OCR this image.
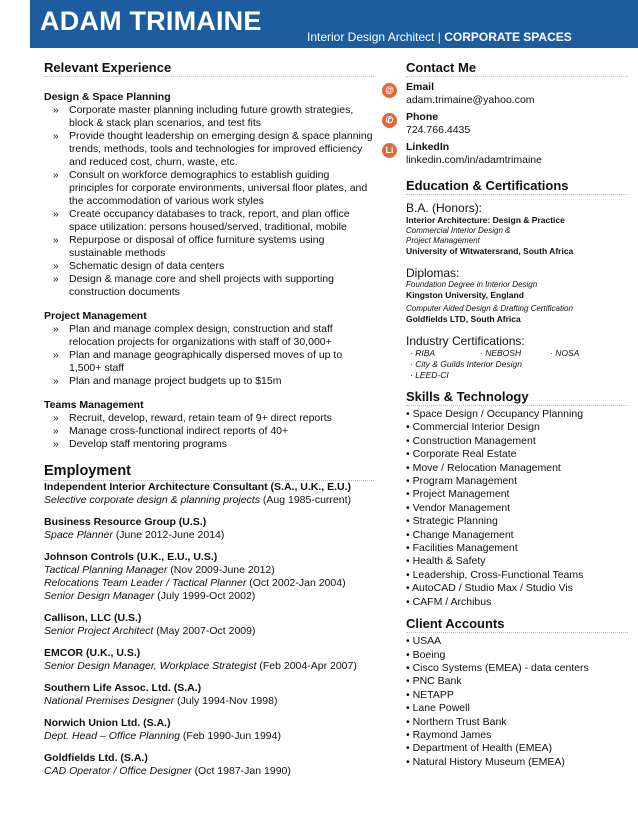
ADAM TRIMAINE
Interior Design Architect | CORPORATE SPACES
Relevant Experience
Design & Space Planning
» Corporate master planning including future growth strategies, block & stack plan scenarios, and test fits
» Provide thought leadership on emerging design & space planning trends, methods, tools and technologies for improved efficiency and reduced cost, churn, waste, etc.
» Consult on workforce demographics to establish guiding principles for corporate environments, universal floor plates, and the accommodation of various work styles
» Create occupancy databases to track, report, and plan office space utilization: persons housed/served, traditional, mobile
» Repurpose or disposal of office furniture systems using sustainable methods
» Schematic design of data centers
» Design & manage core and shell projects with supporting construction documents
Project Management
» Plan and manage complex design, construction and staff relocation projects for organizations with staff of 30,000+
» Plan and manage geographically dispersed moves of up to 1,500+ staff
» Plan and manage project budgets up to $15m
Teams Management
» Recruit, develop, reward, retain team of 9+ direct reports
» Manage cross-functional indirect reports of 40+
» Develop staff mentoring programs
Employment
Independent Interior Architecture Consultant (S.A., U.K., E.U.)
Selective corporate design & planning projects (Aug 1985-current)
Business Resource Group (U.S.)
Space Planner (June 2012-June 2014)
Johnson Controls (U.K., E.U., U.S.)
Tactical Planning Manager (Nov 2009-June 2012)
Relocations Team Leader / Tactical Planner (Oct 2002-Jan 2004)
Senior Design Manager (July 1999-Oct 2002)
Callison, LLC (U.S.)
Senior Project Architect (May 2007-Oct 2009)
EMCOR (U.K., U.S.)
Senior Design Manager, Workplace Strategist (Feb 2004-Apr 2007)
Southern Life Assoc. Ltd. (S.A.)
National Premises Designer (July 1994-Nov 1998)
Norwich Union Ltd. (S.A.)
Dept. Head – Office Planning (Feb 1990-Jun 1994)
Goldfields Ltd. (S.A.)
CAD Operator / Office Designer (Oct 1987-Jan 1990)
Contact Me
@ Email
adam.trimaine@yahoo.com
✆	Phone
724.766.4435
Li	LinkedIn
linkedin.com/in/adamtrimaine
Education & Certifications
B.A. (Honors):
Interior Architecture: Design & Practice
Commercial Interior Design &
Project Management
University of Witwatersrand, South Africa
Diplomas:
Foundation Degree in Interior Design
Kingston University, England
Computer Aided Design & Drafting Certification
Goldfields LTD, South Africa
Industry Certifications:
· RIBA	· NEBOSH	· NOSA
· City & Guilds Interior Design
· LEED-CI
Skills & Technology
• Space Design / Occupancy Planning
• Commercial Interior Design
• Construction Management
• Corporate Real Estate
• Move / Relocation Management
• Program Management
• Project Management
• Vendor Management
• Strategic Planning
• Change Management
• Facilities Management
• Health & Safety
• Leadership, Cross-Functional Teams
• AutoCAD / Studio Max / Studio Vis
• CAFM / Archibus
Client Accounts
• USAA
• Boeing
• Cisco Systems (EMEA) - data centers
• PNC Bank
• NETAPP
• Lane Powell
• Northern Trust Bank
• Raymond James
• Department of Health (EMEA)
• Natural History Museum (EMEA)
